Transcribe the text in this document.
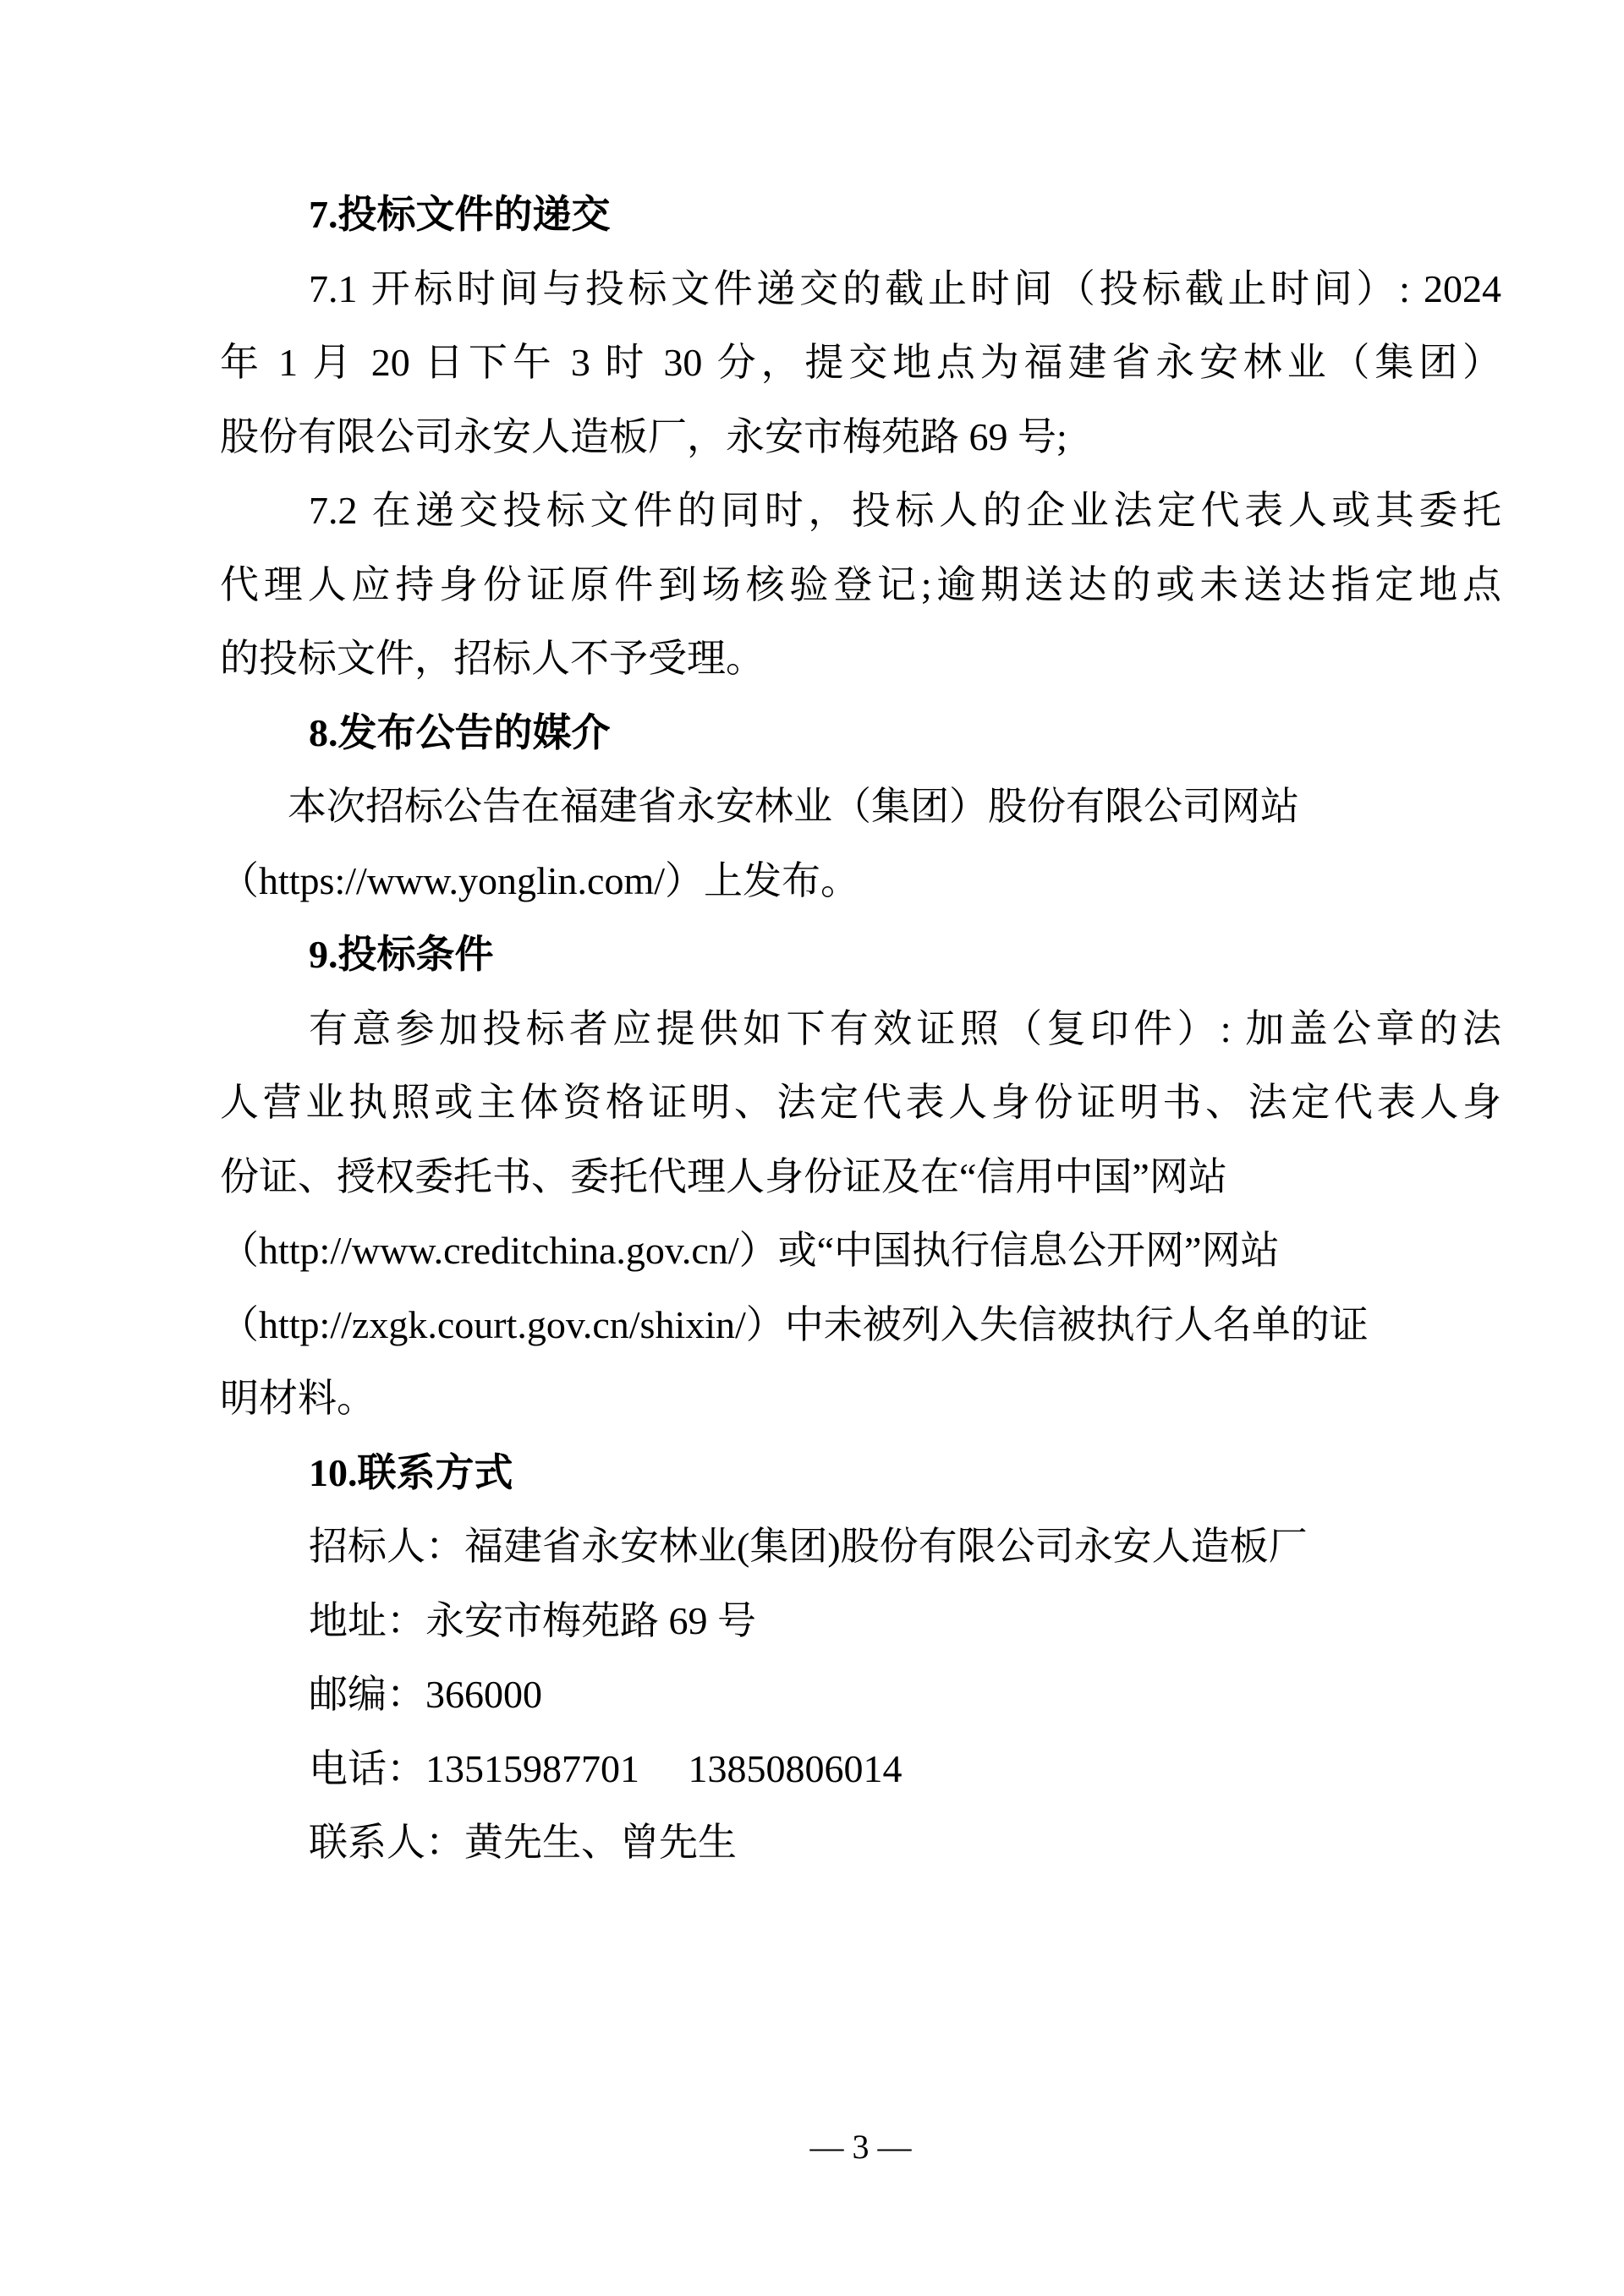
7.投标文件的递交
7.1 开标时间与投标文件递交的截止时间（投标截止时间）: 2024
年 1 月 20 日下午 3 时 30 分，提交地点为福建省永安林业（集团）
股份有限公司永安人造板厂，永安市梅苑路 69 号;
7.2 在递交投标文件的同时，投标人的企业法定代表人或其委托
代理人应持身份证原件到场核验登记;逾期送达的或未送达指定地点
的投标文件，招标人不予受理。
8.发布公告的媒介
本次招标公告在福建省永安林业（集团）股份有限公司网站
（https://www.yonglin.com/）上发布。
9.投标条件
有意参加投标者应提供如下有效证照（复印件）: 加盖公章的法
人营业执照或主体资格证明、法定代表人身份证明书、法定代表人身
份证、授权委托书、委托代理人身份证及在“信用中国”网站
（http://www.creditchina.gov.cn/）或“中国执行信息公开网”网站
（http://zxgk.court.gov.cn/shixin/）中未被列入失信被执行人名单的证
明材料。
10.联系方式
招标人：福建省永安林业(集团)股份有限公司永安人造板厂
地址：永安市梅苑路 69 号
邮编：366000
电话：13515987701　 13850806014
联系人：黄先生、曾先生
— 3 —
